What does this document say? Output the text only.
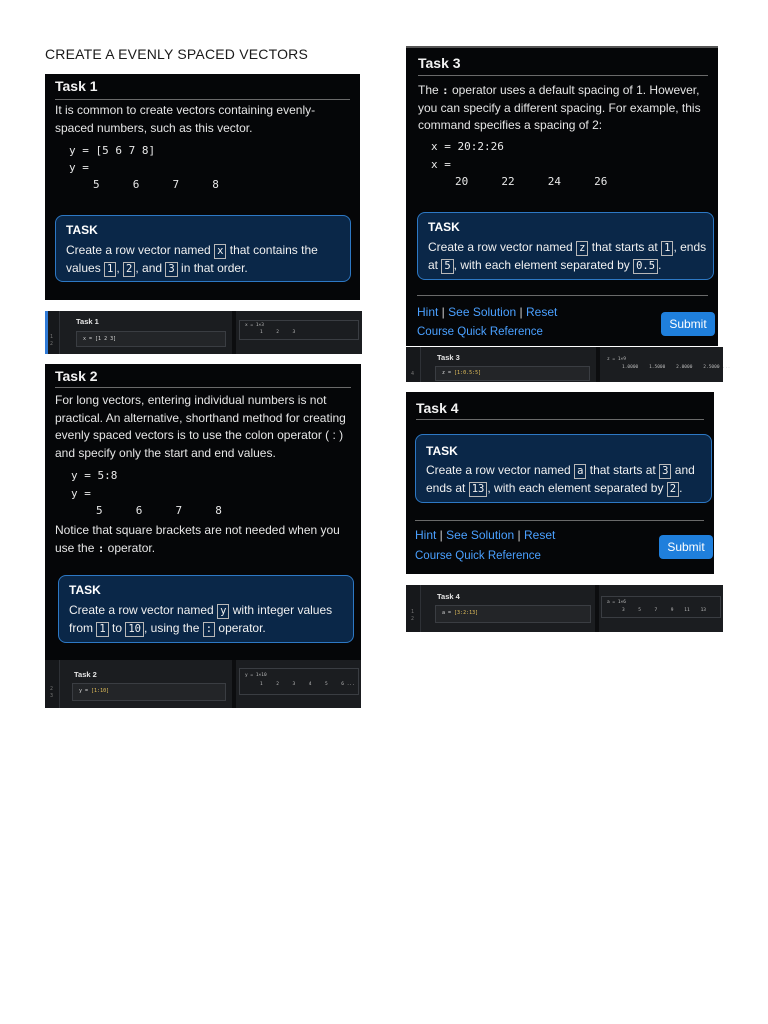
CREATE A EVENLY SPACED VECTORS
Task 1
It is common to create vectors containing evenly-spaced numbers, such as this vector.
y = [5 6 7 8]
y =
5     6     7     8
TASK
Create a row vector named x that contains the values 1 , 2 , and 3 in that order.
1
2
Task 1
x = [1 2 3]
x = 1×3
1     2     3
Task 2
For long vectors, entering individual numbers is not practical. An alternative, shorthand method for creating evenly spaced vectors is to use the colon operator ( : ) and specify only the start and end values.
y = 5:8
y =
5     6     7     8
Notice that square brackets are not needed when you use the : operator.
TASK
Create a row vector named y with integer values from 1 to 10 , using the : operator.
2
3
Task 2
y = [1:10]
y = 1×10
1     2     3     4     5     6 ...
Task 3
The : operator uses a default spacing of 1. However, you can specify a different spacing. For example, this command specifies a spacing of 2:
x = 20:2:26
x =
20     22     24     26
TASK
Create a row vector named z that starts at 1 , ends at 5 , with each element separated by 0.5 .
Hint | See Solution | Reset
Course Quick Reference
Submit
4
Task 3
z = [1:0.5:5]
z = 1×9
1.0000    1.5000    2.0000    2.5000 ...
Task 4
TASK
Create a row vector named a that starts at 3 and ends at 13 , with each element separated by 2 .
Hint | See Solution | Reset
Course Quick Reference
Submit
1
2
Task 4
a = [3:2:13]
a = 1×6
3     5     7     9    11    13
